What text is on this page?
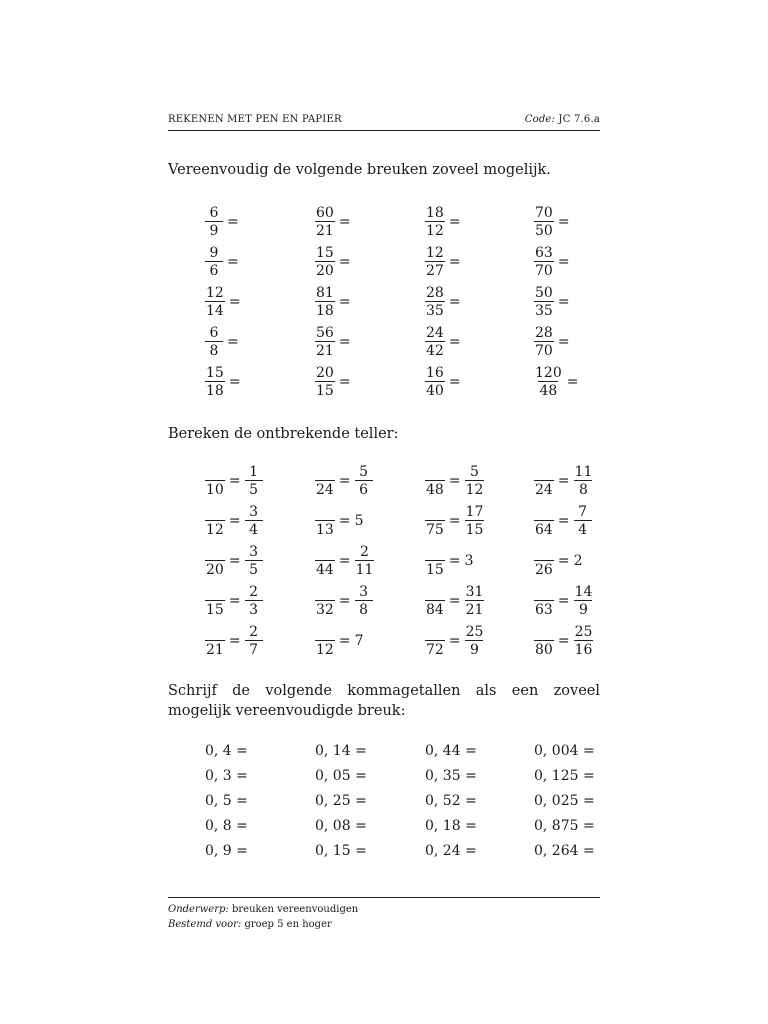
REKENEN MET PEN EN PAPIER	Code: JC 7.6.a
Vereenvoudig de volgende breuken zoveel mogelijk.
$\frac{6}{9}$ =
$\frac{9}{6}$ =
$\frac{12}{14}$ =
$\frac{6}{8}$ =
$\frac{15}{18}$ =
$\frac{60}{21}$ =
$\frac{15}{20}$ =
$\frac{81}{18}$ =
$\frac{56}{21}$ =
$\frac{20}{15}$ =
$\frac{18}{12}$ =
$\frac{12}{27}$ =
$\frac{28}{35}$ =
$\frac{24}{42}$ =
$\frac{16}{40}$ =
$\frac{70}{50}$ =
$\frac{63}{70}$ =
$\frac{50}{35}$ =
$\frac{28}{70}$ =
$\frac{120}{48}$ =
Bereken de ontbrekende teller:
10
= $\frac{1}{5}$
12
= $\frac{3}{4}$
20
= $\frac{3}{5}$
15
= $\frac{2}{3}$
21
= $\frac{2}{7}$
24
= $\frac{5}{6}$
13
= 5
44
= $\frac{2}{11}$
32
= $\frac{3}{8}$
12
= 7
48
= $\frac{5}{12}$
75
= $\frac{17}{15}$
15
= 3
84
= $\frac{31}{21}$
72
= $\frac{25}{9}$
24
= $\frac{11}{8}$
64
= $\frac{7}{4}$
26
= 2
63
= $\frac{14}{9}$
80
= $\frac{25}{16}$
Schrijf de volgende kommagetallen als een zoveel mogelijk vereenvoudigde breuk:
0, 4 =
0, 3 =
0, 5 =
0, 8 =
0, 9 =
0, 14 =
0, 05 =
0, 25 =
0, 08 =
0, 15 =
0, 44 =
0, 35 =
0, 52 =
0, 18 =
0, 24 =
0, 004 =
0, 125 =
0, 025 =
0, 875 =
0, 264 =
Onderwerp: breuken vereenvoudigen
Bestemd voor: groep 5 en hoger
